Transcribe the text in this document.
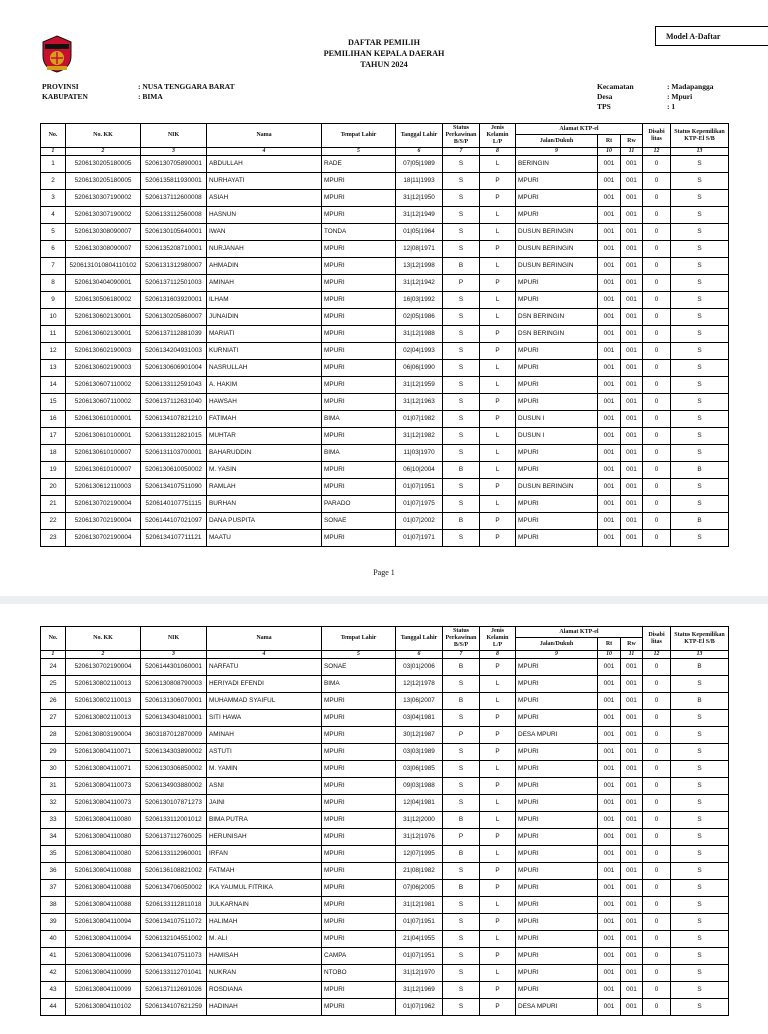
DAFTAR PEMILIH
PEMILIHAN KEPALA DAERAH
TAHUN 2024
Model A-Daftar
PROVINSI	: NUSA TENGGARA BARAT
KABUPATEN	: BIMA
Kecamatan	: Madapangga
Desa	: Mpuri
TPS	: 1
No.	No. KK	NIK	Nama	Tempat Lahir	Tanggal Lahir	Status Perkawinan B/S/P	Jenis Kelamin L/P	Alamat KTP-el			Disabi litas	Status Kepemilikan KTP-El S/B
								Jalan/Dukuh	Rt	Rw		
1	2	3	4	5	6	7	8	9	10	11	12	13
1	5206130205180005	5206130705890001	ABDULLAH	RADE	07|05|1989	S	L	BERINGIN	001	001	0	S
2	5206130205180005	5206135811930001	NURHAYATI	MPURI	18|11|1993	S	P	MPURI	001	001	0	S
3	5206130307190002	5206137112600008	ASIAH	MPURI	31|12|1950	S	P	MPURI	001	001	0	S
4	5206130307190002	5206133112560008	HASNUN	MPURI	31|12|1949	S	L	MPURI	001	001	0	S
5	5206130308090007	5206130105640001	IWAN	TONDA	01|05|1964	S	L	DUSUN BERINGIN	001	001	0	S
6	5206130308090007	5206135208710001	NURJANAH	MPURI	12|08|1971	S	P	DUSUN BERINGIN	001	001	0	S
7	5206131010804110102	5206131312980007	AHMADIN	MPURI	13|12|1998	B	L	DUSUN BERINGIN	001	001	0	S
8	5206130404090001	5206137112501003	AMINAH	MPURI	31|12|1942	P	P	MPURI	001	001	0	S
9	5206130506180002	5206131603920001	ILHAM	MPURI	16|03|1992	S	L	MPURI	001	001	0	S
10	5206130602130001	5206130205860007	JUNAIDIN	MPURI	02|05|1986	S	L	DSN BERINGIN	001	001	0	S
11	5206130602130001	5206137112881039	MARIATI	MPURI	31|12|1988	S	P	DSN BERINGIN	001	001	0	S
12	5206130602190003	5206134204931003	KURNIATI	MPURI	02|04|1993	S	P	MPURI	001	001	0	S
13	5206130602190003	5206130606901004	NASRULLAH	MPURI	06|06|1990	S	L	MPURI	001	001	0	S
14	5206130607110002	5206133112591043	A. HAKIM	MPURI	31|12|1959	S	L	MPURI	001	001	0	S
15	5206130607110002	5206137112631040	HAWSAH	MPURI	31|12|1963	S	P	MPURI	001	001	0	S
16	5206130610100001	5206134107821210	FATIMAH	BIMA	01|07|1982	S	P	DUSUN I	001	001	0	S
17	5206130610100001	5206133112821015	MUHTAR	MPURI	31|12|1982	S	L	DUSUN I	001	001	0	S
18	5206130610100007	5206131103700001	BAHARUDDIN	BIMA	11|03|1970	S	L	MPURI	001	001	0	S
19	5206130610100007	5206130610050002	M. YASIN	MPURI	06|10|2004	B	L	MPURI	001	001	0	B
20	5206130612110003	5206134107511090	RAMLAH	MPURI	01|07|1951	S	P	DUSUN BERINGIN	001	001	0	S
21	5206130702190004	5206140107751115	BURHAN	PARADO	01|07|1975	S	L	MPURI	001	001	0	S
22	5206130702190004	5206144107021097	DANA PUSPITA	SONAE	01|07|2002	B	P	MPURI	001	001	0	B
23	5206130702190004	5206134107711121	MAATU	MPURI	01|07|1971	S	P	MPURI	001	001	0	S
Page 1
No.	No. KK	NIK	Nama	Tempat Lahir	Tanggal Lahir	Status Perkawinan B/S/P	Jenis Kelamin L/P	Alamat KTP-el			Disabi litas	Status Kepemilikan KTP-El S/B
								Jalan/Dukuh	Rt	Rw		
1	2	3	4	5	6	7	8	9	10	11	12	13
24	5206130702190004	5206144301060001	NARFATU	SONAE	03|01|2006	B	P	MPURI	001	001	0	B
25	5206130802110013	5206130808790003	HERIYADI EFENDI	BIMA	12|12|1978	S	L	MPURI	001	001	0	S
26	5206130802110013	5206131306070001	MUHAMMAD SYAIFUL	MPURI	13|06|2007	B	L	MPURI	001	001	0	B
27	5206130802110013	5206134304810001	SITI HAWA	MPURI	03|04|1981	S	P	MPURI	001	001	0	S
28	5206130803190004	3603187012870009	AMINAH	MPURI	30|12|1987	P	P	DESA MPURI	001	001	0	S
29	5206130804110071	5206134303890002	ASTUTI	MPURI	03|03|1989	S	P	MPURI	001	001	0	S
30	5206130804110071	5206130306850002	M. YAMIN	MPURI	03|06|1985	S	L	MPURI	001	001	0	S
31	5206130804110073	5206134903880002	ASNI	MPURI	09|03|1988	S	P	MPURI	001	001	0	S
32	5206130804110073	5206130107871273	JAINI	MPURI	12|04|1981	S	L	MPURI	001	001	0	S
33	5206130804110080	5206133112001012	BIMA PUTRA	MPURI	31|12|2000	B	L	MPURI	001	001	0	S
34	5206130804110080	5206137112760025	HERUNISAH	MPURI	31|12|1976	P	P	MPURI	001	001	0	S
35	5206130804110080	5206133112960001	IRFAN	MPURI	12|07|1995	B	L	MPURI	001	001	0	S
36	5206130804110088	5206136108821002	FATMAH	MPURI	21|08|1982	S	P	MPURI	001	001	0	S
37	5206130804110088	5206134706050002	IKA YAUMUL FITRIKA	MPURI	07|06|2005	B	P	MPURI	001	001	0	S
38	5206130804110088	5206133112811018	JULKARNAIN	MPURI	31|12|1981	S	L	MPURI	001	001	0	S
39	5206130804110094	5206134107511072	HALIMAH	MPURI	01|07|1951	S	P	MPURI	001	001	0	S
40	5206130804110094	5206132104551002	M. ALI	MPURI	21|04|1955	S	L	MPURI	001	001	0	S
41	5206130804110096	5206134107511073	HAMISAH	CAMPA	01|07|1951	S	P	MPURI	001	001	0	S
42	5206130804110099	5206133112701041	NUKRAN	NTOBO	31|12|1970	S	L	MPURI	001	001	0	S
43	5206130804110099	5206137112691026	ROSDIANA	MPURI	31|12|1969	S	P	MPURI	001	001	0	S
44	5206130804110102	5206134107621259	HADINAH	MPURI	01|07|1962	S	P	DESA MPURI	001	001	0	S
